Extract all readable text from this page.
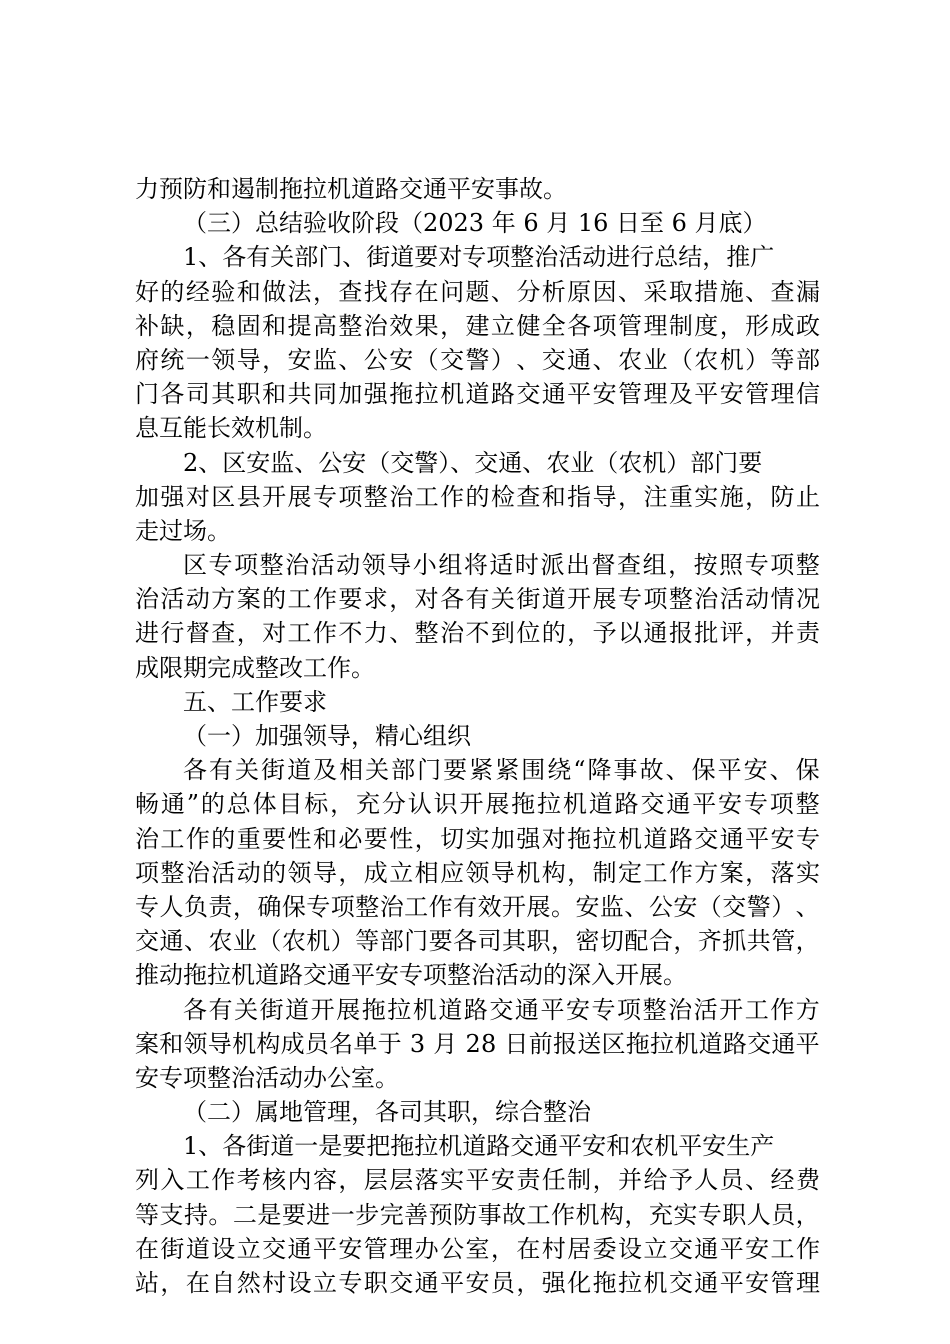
力预防和遏制拖拉机道路交通平安事故。
（三）总结验收阶段（2023 年 6 月 16 日至 6 月底）
1、各有关部门、街道要对专项整治活动进行总结，推广
好 的 经 验 和 做 法 ， 查 找 存 在 问 题 、 分 析 原 因 、 采 取 措 施 、 查 漏
补 缺 ， 稳 固 和 提 高 整 治 效 果 ， 建 立 健 全 各 项 管 理 制 度 ， 形 成 政
府 统 一 领 导 ， 安 监 、 公 安 （ 交 警 ） 、 交 通 、 农 业 （ 农 机 ） 等 部
门 各 司 其 职 和 共 同 加 强 拖 拉 机 道 路 交 通 平 安 管 理 及 平 安 管 理 信
息互能长效机制。
2、区安监、公安（交警）、交通、农业（农机）部门要
加 强 对 区 县 开 展 专 项 整 治 工 作 的 检 查 和 指 导 ， 注 重 实 施 ， 防 止
走过场。
区 专 项 整 治 活 动 领 导 小 组 将 适 时 派 出 督 查 组 ， 按 照 专 项 整
治 活 动 方 案 的 工 作 要 求 ， 对 各 有 关 街 道 开 展 专 项 整 治 活 动 情 况
进 行 督 查 ， 对 工 作 不 力 、 整 治 不 到 位 的 ， 予 以 通 报 批 评 ， 并 责
成限期完成整改工作。
五、工作要求
（一）加强领导，精心组织
各 有 关 街 道 及 相 关 部 门 要 紧 紧 围 绕 “ 降 事 故 、 保 平 安 、 保
畅 通 ” 的 总 体 目 标 ， 充 分 认 识 开 展 拖 拉 机 道 路 交 通 平 安 专 项 整
治 工 作 的 重 要 性 和 必 要 性 ， 切 实 加 强 对 拖 拉 机 道 路 交 通 平 安 专
项 整 治 活 动 的 领 导 ， 成 立 相 应 领 导 机 构 ， 制 定 工 作 方 案 ， 落 实
专 人 负 责 ， 确 保 专 项 整 治 工 作 有 效 开 展 。 安 监 、 公 安 （ 交 警 ） 、
交 通 、 农 业 （ 农 机 ） 等 部 门 要 各 司 其 职 ， 密 切 配 合 ， 齐 抓 共 管 ，
推动拖拉机道路交通平安专项整治活动的深入开展。
各 有 关 街 道 开 展 拖 拉 机 道 路 交 通 平 安 专 项 整 治 活 开 工 作 方
案 和 领 导 机 构 成 员 名 单 于
3
月
2 8
日 前 报 送 区 拖 拉 机 道 路 交 通 平
安专项整治活动办公室。
（二）属地管理，各司其职，综合整治
1、各街道一是要把拖拉机道路交通平安和农机平安生产
列 入 工 作 考 核 内 容 ， 层 层 落 实 平 安 责 任 制 ， 并 给 予 人 员 、 经 费
等 支 持 。 二 是 要 进 一 步 完 善 预 防 事 故 工 作 机 构 ， 充 实 专 职 人 员 ，
在 街 道 设 立 交 通 平 安 管 理 办 公 室 ， 在 村 居 委 设 立 交 通 平 安 工 作
站 ， 在 自 然 村 设 立 专 职 交 通 平 安 员 ， 强 化 拖 拉 机 交 通 平 安 管 理
